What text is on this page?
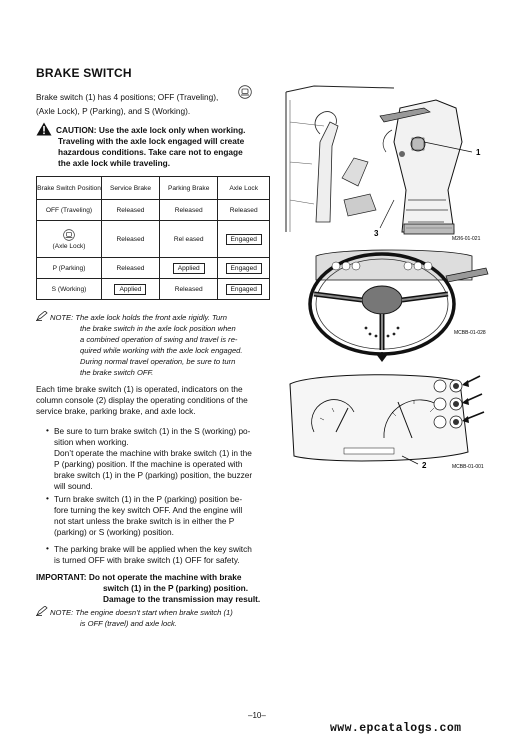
BRAKE SWITCH
Brake switch (1) has 4 positions; OFF (Traveling),
(Axle Lock), P (Parking), and S (Working).
CAUTION: Use the axle lock only when working.
Traveling with the axle lock engaged will create
hazardous conditions. Take care not to engage
the axle lock while traveling.
Brake Switch Position	Service Brake	Parking Brake	Axle Lock
OFF (Traveling)	Released	Released	Released

(Axle Lock)	Released	Rel eased	Engaged
P (Parking)	Released	Applied	Engaged
S (Working)	Applied	Released	Engaged
NOTE: The axle lock holds the front axle rigidly. Turn
the brake switch in the axle lock position when
a combined operation of swing and travel is re-
quired while working with the axle lock engaged.
During normal travel operation, be sure to turn
the brake switch OFF.
Each time brake switch (1) is operated, indicators on the
column console (2) display the operating conditions of the
service brake, parking brake, and axle lock.
• Be sure to turn brake switch (1) in the S (working) po-
sition when working.
Don’t operate the machine with brake switch (1) in the
P (parking) position. If the machine is operated with
brake switch (1) in the P (parking) position, the buzzer
will sound.
• Turn brake switch (1) in the P (parking) position be-
fore turning the key switch OFF. And the engine will
not start unless the brake switch is in either the P
(parking) or S (working) position.
• The parking brake will be applied when the key switch
is turned OFF with brake switch (1) OFF for safety.
IMPORTANT: Do not operate the machine with brake
switch (1) in the P (parking) position.
Damage to the transmission may result.
NOTE: The engine doesn’t start when brake switch (1)
is OFF (travel) and axle lock.
1
3
M2I6-01-021
MCBB-01-028
2	MCBB-01-001
–10–
www.epcatalogs.com
